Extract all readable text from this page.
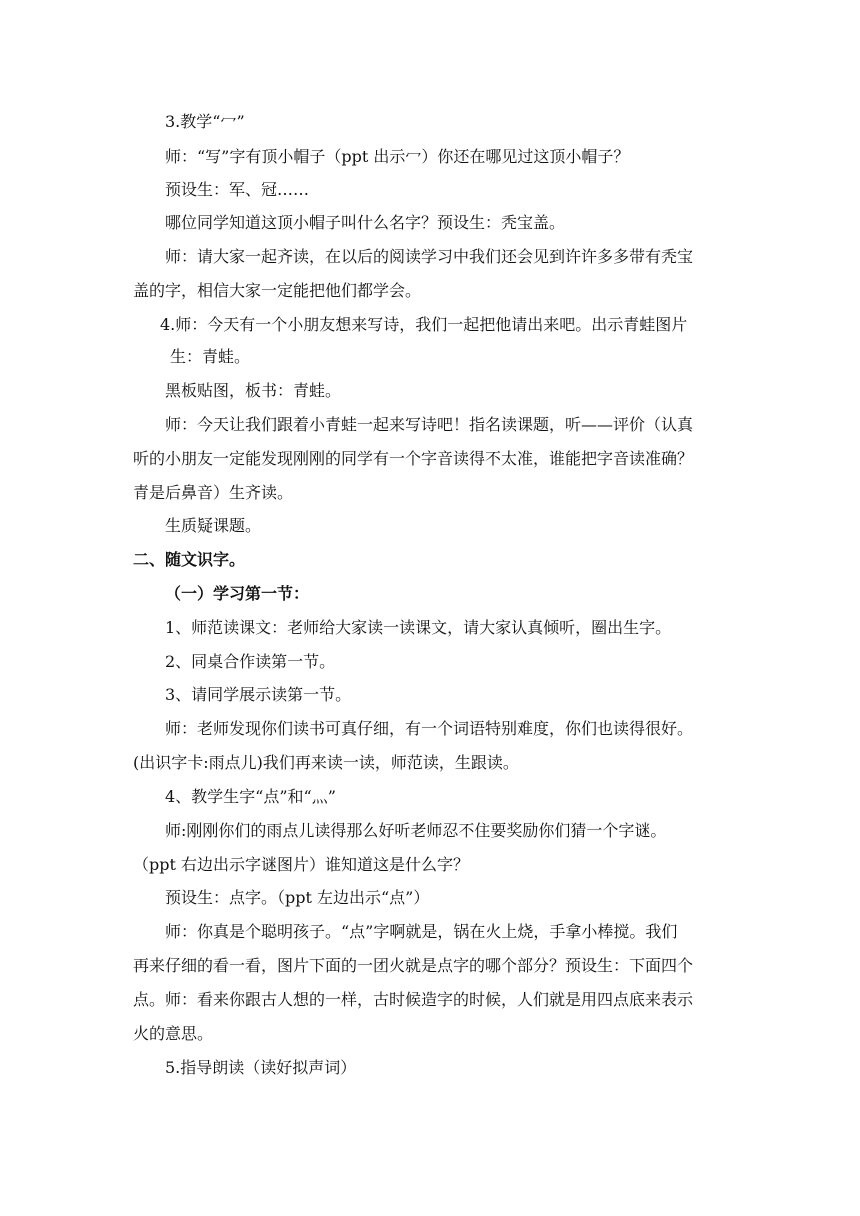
3.教学“冖”
师：“写”字有顶小帽子（ppt 出示冖）你还在哪见过这顶小帽子？
预设生：军、冠……
哪位同学知道这顶小帽子叫什么名字？预设生：秃宝盖。
师：请大家一起齐读，在以后的阅读学习中我们还会见到许许多多带有秃宝
盖的字，相信大家一定能把他们都学会。
4.师：今天有一个小朋友想来写诗，我们一起把他请出来吧。出示青蛙图片
生：青蛙。
黑板贴图，板书：青蛙。
师：今天让我们跟着小青蛙一起来写诗吧！指名读课题，听——评价（认真
听的小朋友一定能发现刚刚的同学有一个字音读得不太准，谁能把字音读准确？
青是后鼻音）生齐读。
生质疑课题。
二、随文识字。
（一）学习第一节：
1、师范读课文：老师给大家读一读课文，请大家认真倾听，圈出生字。
2、同桌合作读第一节。
3、请同学展示读第一节。
师：老师发现你们读书可真仔细，有一个词语特别难度，你们也读得很好。
(出识字卡:雨点儿)我们再来读一读，师范读，生跟读。
4、教学生字“点”和“灬”
师:刚刚你们的雨点儿读得那么好听老师忍不住要奖励你们猜一个字谜。
（ppt 右边出示字谜图片）谁知道这是什么字？
预设生：点字。（ppt 左边出示“点”）
师：你真是个聪明孩子。“点”字啊就是，锅在火上烧，手拿小棒搅。我们
再来仔细的看一看，图片下面的一团火就是点字的哪个部分？预设生：下面四个
点。师：看来你跟古人想的一样，古时候造字的时候，人们就是用四点底来表示
火的意思。
5.指导朗读（读好拟声词）
